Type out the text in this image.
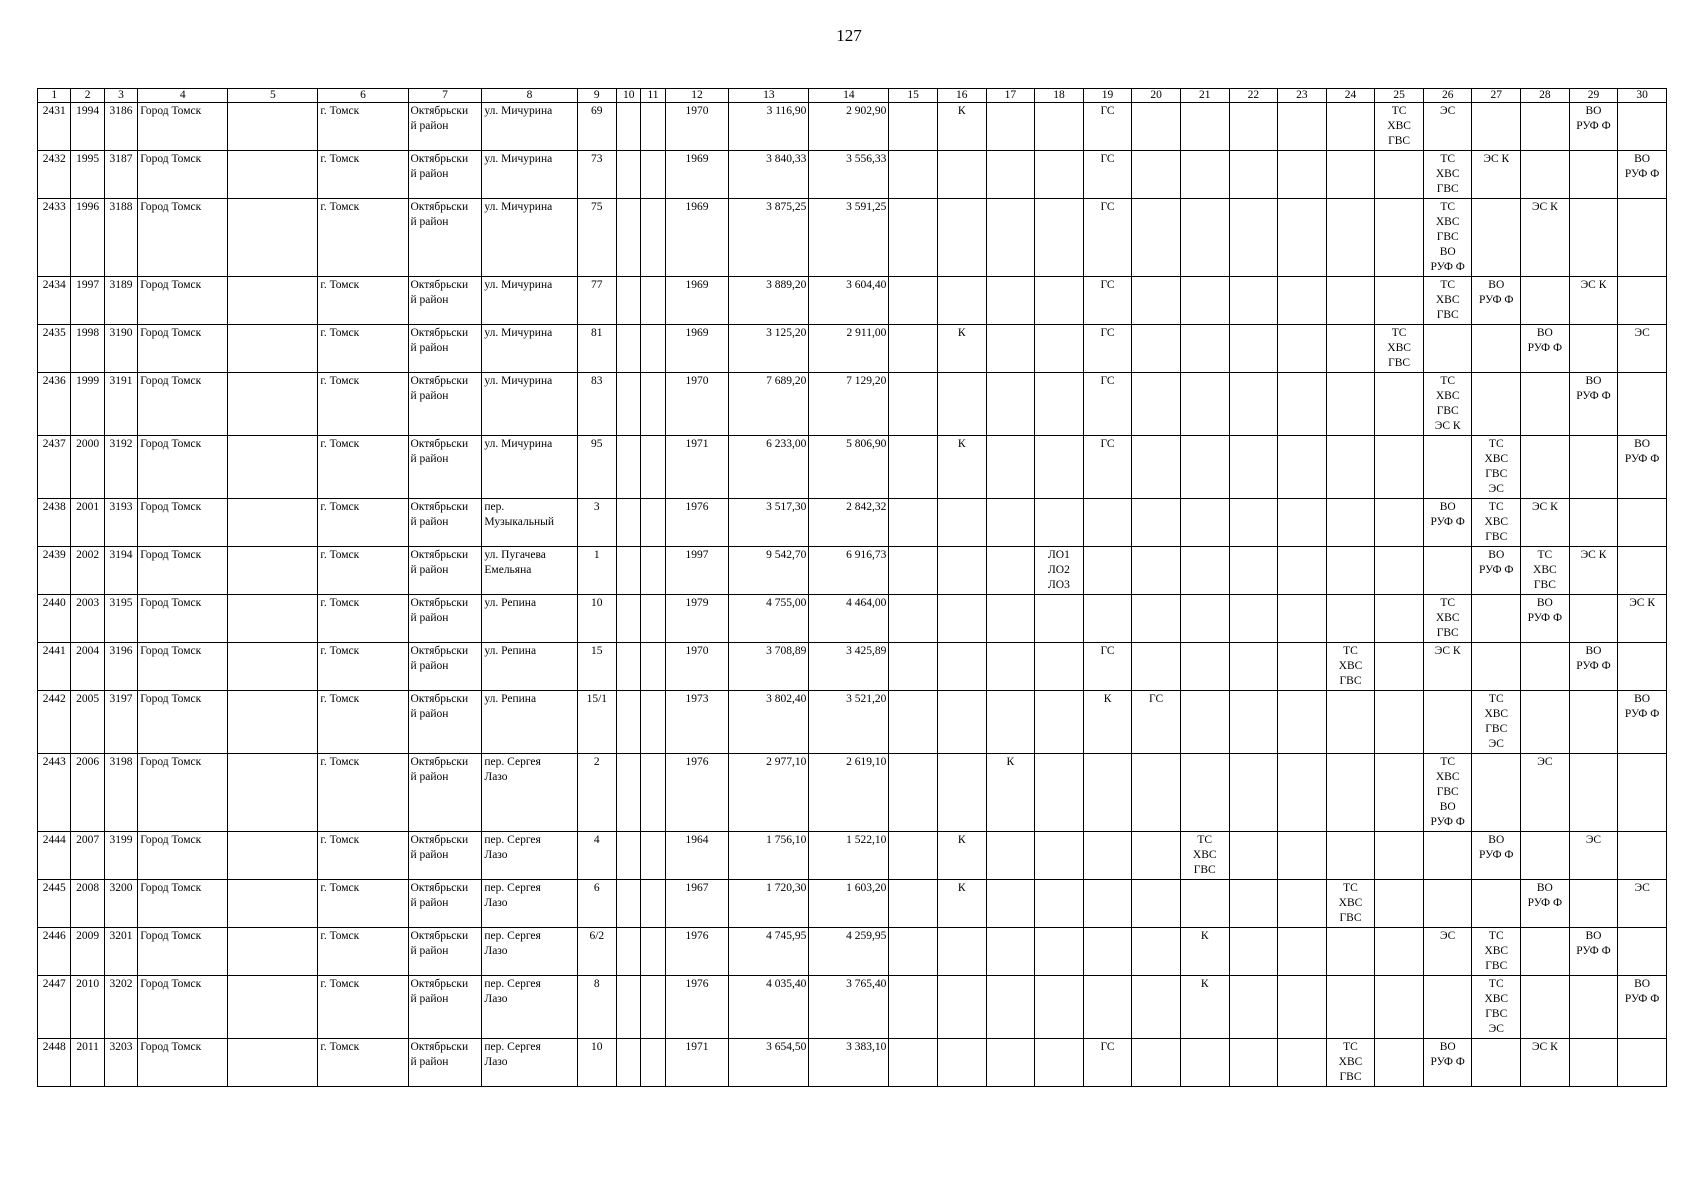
127
1	2	3	4	5	6	7	8	9	10	11	12	13	14	15	16	17	18	19	20	21	22	23	24	25	26	27	28	29	30
2431	1994	3186	Город Томск		г. Томск	Октябрьски
й район	ул. Мичурина	69			1970	3 116,90	2 902,90		К			ГС						ТС
ХВС
ГВС	ЭС			ВО
РУФ Ф	
2432	1995	3187	Город Томск		г. Томск	Октябрьски
й район	ул. Мичурина	73			1969	3 840,33	3 556,33					ГС							ТС
ХВС
ГВС	ЭС К			ВО
РУФ Ф
2433	1996	3188	Город Томск		г. Томск	Октябрьски
й район	ул. Мичурина	75			1969	3 875,25	3 591,25					ГС							ТС
ХВС
ГВС
ВО
РУФ Ф		ЭС К		
2434	1997	3189	Город Томск		г. Томск	Октябрьски
й район	ул. Мичурина	77			1969	3 889,20	3 604,40					ГС							ТС
ХВС
ГВС	ВО
РУФ Ф		ЭС К	
2435	1998	3190	Город Томск		г. Томск	Октябрьски
й район	ул. Мичурина	81			1969	3 125,20	2 911,00		К			ГС						ТС
ХВС
ГВС			ВО
РУФ Ф		ЭС
2436	1999	3191	Город Томск		г. Томск	Октябрьски
й район	ул. Мичурина	83			1970	7 689,20	7 129,20					ГС							ТС
ХВС
ГВС
ЭС К			ВО
РУФ Ф	
2437	2000	3192	Город Томск		г. Томск	Октябрьски
й район	ул. Мичурина	95			1971	6 233,00	5 806,90		К			ГС								ТС
ХВС
ГВС
ЭС			ВО
РУФ Ф
2438	2001	3193	Город Томск		г. Томск	Октябрьски
й район	пер.
Музыкальный	3			1976	3 517,30	2 842,32												ВО
РУФ Ф	ТС
ХВС
ГВС	ЭС К		
2439	2002	3194	Город Томск		г. Томск	Октябрьски
й район	ул. Пугачева
Емельяна	1			1997	9 542,70	6 916,73				ЛО1
ЛО2
ЛО3									ВО
РУФ Ф	ТС
ХВС
ГВС	ЭС К	
2440	2003	3195	Город Томск		г. Томск	Октябрьски
й район	ул. Репина	10			1979	4 755,00	4 464,00												ТС
ХВС
ГВС		ВО
РУФ Ф		ЭС К
2441	2004	3196	Город Томск		г. Томск	Октябрьски
й район	ул. Репина	15			1970	3 708,89	3 425,89					ГС					ТС
ХВС
ГВС		ЭС К			ВО
РУФ Ф	
2442	2005	3197	Город Томск		г. Томск	Октябрьски
й район	ул. Репина	15/1			1973	3 802,40	3 521,20					К	ГС							ТС
ХВС
ГВС
ЭС			ВО
РУФ Ф
2443	2006	3198	Город Томск		г. Томск	Октябрьски
й район	пер. Сергея
Лазо	2			1976	2 977,10	2 619,10			К									ТС
ХВС
ГВС
ВО
РУФ Ф		ЭС		
2444	2007	3199	Город Томск		г. Томск	Октябрьски
й район	пер. Сергея
Лазо	4			1964	1 756,10	1 522,10		К					ТС
ХВС
ГВС						ВО
РУФ Ф		ЭС	
2445	2008	3200	Город Томск		г. Томск	Октябрьски
й район	пер. Сергея
Лазо	6			1967	1 720,30	1 603,20		К								ТС
ХВС
ГВС				ВО
РУФ Ф		ЭС
2446	2009	3201	Город Томск		г. Томск	Октябрьски
й район	пер. Сергея
Лазо	6/2			1976	4 745,95	4 259,95							К					ЭС	ТС
ХВС
ГВС		ВО
РУФ Ф	
2447	2010	3202	Город Томск		г. Томск	Октябрьски
й район	пер. Сергея
Лазо	8			1976	4 035,40	3 765,40							К						ТС
ХВС
ГВС
ЭС			ВО
РУФ Ф
2448	2011	3203	Город Томск		г. Томск	Октябрьски
й район	пер. Сергея
Лазо	10			1971	3 654,50	3 383,10					ГС					ТС
ХВС
ГВС		ВО
РУФ Ф		ЭС К		
